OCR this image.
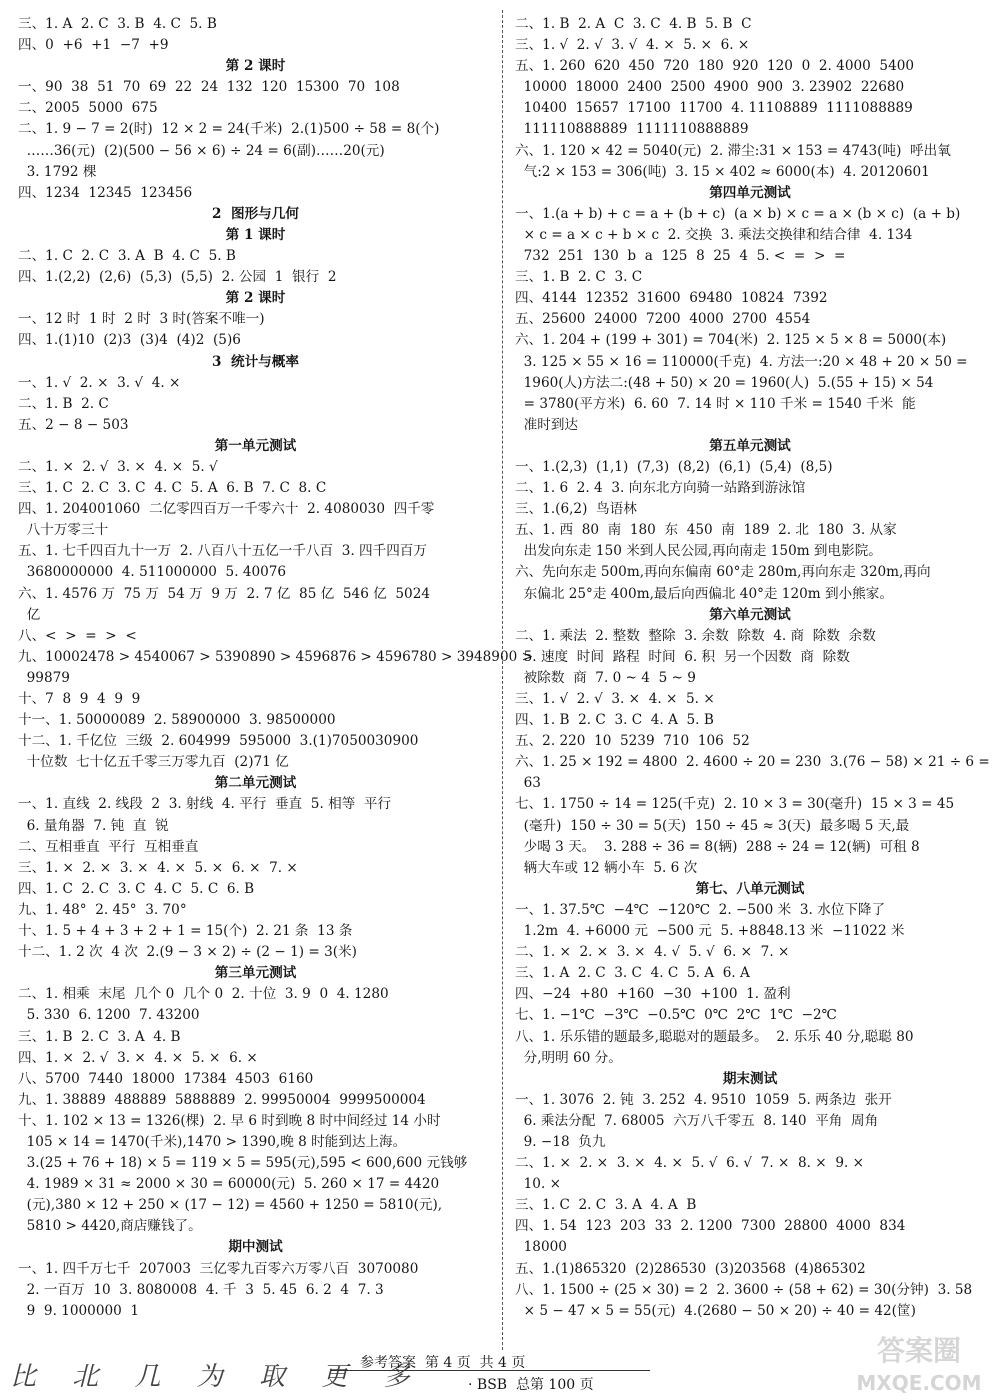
三、1. A  2. C  3. B  4. C  5. B
四、0  +6  +1  −7  +9
第 2 课时
一、90  38  51  70  69  22  24  132  120  15300  70  108
二、2005  5000  675
二、1. 9 − 7 = 2(时)  12 × 2 = 24(千米)  2.(1)500 ÷ 58 = 8(个)
……36(元)  (2)(500 − 56 × 6) ÷ 24 = 6(副)……20(元)
3. 1792 棵
四、1234  12345  123456
2  图形与几何
第 1 课时
二、1. C  2. C  3. A  B  4. C  5. B
四、1.(2,2)  (2,6)  (5,3)  (5,5)  2. 公园  1  银行  2
第 2 课时
一、12 时  1 时  2 时  3 时(答案不唯一)
四、1.(1)10  (2)3  (3)4  (4)2  (5)6
3  统计与概率
一、1. √  2. ×  3. √  4. ×
二、1. B  2. C
五、2 − 8 − 503
第一单元测试
二、1. ×  2. √  3. ×  4. ×  5. √
三、1. C  2. C  3. C  4. C  5. A  6. B  7. C  8. C
四、1. 204001060  二亿零四百万一千零六十  2. 4080030  四千零
八十万零三十
五、1. 七千四百九十一万  2. 八百八十五亿一千八百  3. 四千四百万
3680000000  4. 511000000  5. 40076
六、1. 4576 万  75 万  54 万  9 万  2. 7 亿  85 亿  546 亿  5024
亿
八、<  >  =  >  <
九、10002478 > 4540067 > 5390890 > 4596876 > 4596780 > 3948900 >
99879
十、7  8  9  4  9  9
十一、1. 50000089  2. 58900000  3. 98500000
十二、1. 千亿位  三级  2. 604999  595000  3.(1)7050030900
十位数  七十亿五千零三万零九百  (2)71 亿
第二单元测试
一、1. 直线  2. 线段  2  3. 射线  4. 平行  垂直  5. 相等  平行
6. 量角器  7. 钝  直  锐
二、互相垂直  平行  互相垂直
三、1. ×  2. ×  3. ×  4. ×  5. ×  6. ×  7. ×
四、1. C  2. C  3. C  4. C  5. C  6. B
九、1. 48°  2. 45°  3. 70°
十、1. 5 + 4 + 3 + 2 + 1 = 15(个)  2. 21 条  13 条
十二、1. 2 次  4 次  2.(9 − 3 × 2) ÷ (2 − 1) = 3(米)
第三单元测试
二、1. 相乘  末尾  几个 0  几个 0  2. 十位  3. 9  0  4. 1280
5. 330  6. 1200  7. 43200
三、1. B  2. C  3. A  4. B
四、1. ×  2. √  3. ×  4. ×  5. ×  6. ×
八、5700  7440  18000  17384  4503  6160
九、1. 38889  488889  5888889  2. 99950004  9999500004
十、1. 102 × 13 = 1326(棵)  2. 早 6 时到晚 8 时中间经过 14 小时
105 × 14 = 1470(千米),1470 > 1390,晚 8 时能到达上海。
3.(25 + 76 + 18) × 5 = 119 × 5 = 595(元),595 < 600,600 元钱够
4. 1989 × 31 ≈ 2000 × 30 = 60000(元)  5. 260 × 17 = 4420
(元),380 × 12 + 250 × (17 − 12) = 4560 + 1250 = 5810(元),
5810 > 4420,商店赚钱了。
期中测试
一、1. 四千万七千  207003  三亿零九百零六万零八百  3070080
2. 一百万  10  3. 8080008  4. 千  3  5. 45  6. 2  4  7. 3
9  9. 1000000  1
二、1. B  2. A  C  3. C  4. B  5. B  C
三、1. √  2. √  3. √  4. ×  5. ×  6. ×
五、1. 260  620  450  720  180  920  120  0  2. 4000  5400
10000  18000  2400  2500  4900  900  3. 23902  22680
10400  15657  17100  11700  4. 11108889  1111088889
111110888889  1111110888889
六、1. 120 × 42 = 5040(元)  2. 滞尘:31 × 153 = 4743(吨)  呼出氧
气:2 × 153 = 306(吨)  3. 15 × 402 ≈ 6000(本)  4. 20120601
第四单元测试
一、1.(a + b) + c = a + (b + c)  (a × b) × c = a × (b × c)  (a + b)
× c = a × c + b × c  2. 交换  3. 乘法交换律和结合律  4. 134
732  251  130  b  a  125  8  25  4  5. <  =  >  =
三、1. B  2. C  3. C
四、4144  12352  31600  69480  10824  7392
五、25600  24000  7200  4000  2700  4554
六、1. 204 + (199 + 301) = 704(米)  2. 125 × 5 × 8 = 5000(本)
3. 125 × 55 × 16 = 110000(千克)  4. 方法一:20 × 48 + 20 × 50 =
1960(人)方法二:(48 + 50) × 20 = 1960(人)  5.(55 + 15) × 54
= 3780(平方米)  6. 60  7. 14 时 × 110 千米 = 1540 千米  能
准时到达
第五单元测试
一、1.(2,3)  (1,1)  (7,3)  (8,2)  (6,1)  (5,4)  (8,5)
二、1. 6  2. 4  3. 向东北方向骑一站路到游泳馆
三、1.(6,2)  鸟语林
五、1. 西  80  南  180  东  450  南  189  2. 北  180  3. 从家
出发向东走 150 米到人民公园,再向南走 150m 到电影院。
六、先向东走 500m,再向东偏南 60°走 280m,再向东走 320m,再向
东偏北 25°走 400m,最后向西偏北 40°走 120m 到小熊家。
第六单元测试
二、1. 乘法  2. 整数  整除  3. 余数  除数  4. 商  除数  余数
5. 速度  时间  路程  时间  6. 积  另一个因数  商  除数
被除数  商  7. 0 ~ 4  5 ~ 9
三、1. √  2. √  3. ×  4. ×  5. ×
四、1. B  2. C  3. C  4. A  5. B
五、2. 220  10  5239  710  106  52
六、1. 25 × 192 = 4800  2. 4600 ÷ 20 = 230  3.(76 − 58) × 21 ÷ 6 =
63
七、1. 1750 ÷ 14 = 125(千克)  2. 10 × 3 = 30(毫升)  15 × 3 = 45
(毫升)  150 ÷ 30 = 5(天)  150 ÷ 45 ≈ 3(天)  最多喝 5 天,最
少喝 3 天。  3. 288 ÷ 36 = 8(辆)  288 ÷ 24 = 12(辆)  可租 8
辆大车或 12 辆小车  5. 6 次
第七、八单元测试
一、1. 37.5℃  −4℃  −120℃  2. −500 米  3. 水位下降了
1.2m  4. +6000 元  −500 元  5. +8848.13 米  −11022 米
二、1. ×  2. ×  3. ×  4. √  5. √  6. ×  7. ×
三、1. A  2. C  3. C  4. C  5. A  6. A
四、−24  +80  +160  −30  +100  1. 盈利
七、1. −1℃  −3℃  −0.5℃  0℃  2℃  1℃  −2℃
八、1. 乐乐错的题最多,聪聪对的题最多。  2. 乐乐 40 分,聪聪 80
分,明明 60 分。
期末测试
一、1. 3076  2. 钝  3. 252  4. 9510  1059  5. 两条边  张开
6. 乘法分配  7. 68005  六万八千零五  8. 140  平角  周角
9. −18  负九
二、1. ×  2. ×  3. ×  4. ×  5. √  6. √  7. ×  8. ×  9. ×
10. ×
三、1. C  2. C  3. A  4. A  B
四、1. 54  123  203  33  2. 1200  7300  28800  4000  834
18000
五、1.(1)865320  (2)286530  (3)203568  (4)865302
八、1. 1500 ÷ (25 × 30) = 2  2. 3600 ÷ (58 + 62) = 30(分钟)  3. 58
× 5 − 47 × 5 = 55(元)  4.(2680 − 50 × 20) ÷ 40 = 42(筐)
比 北 几 为 取 更 多
参考答案  第 4 页  共 4 页
· BSB  总第 100 页
答案圈
MXQE.COM
